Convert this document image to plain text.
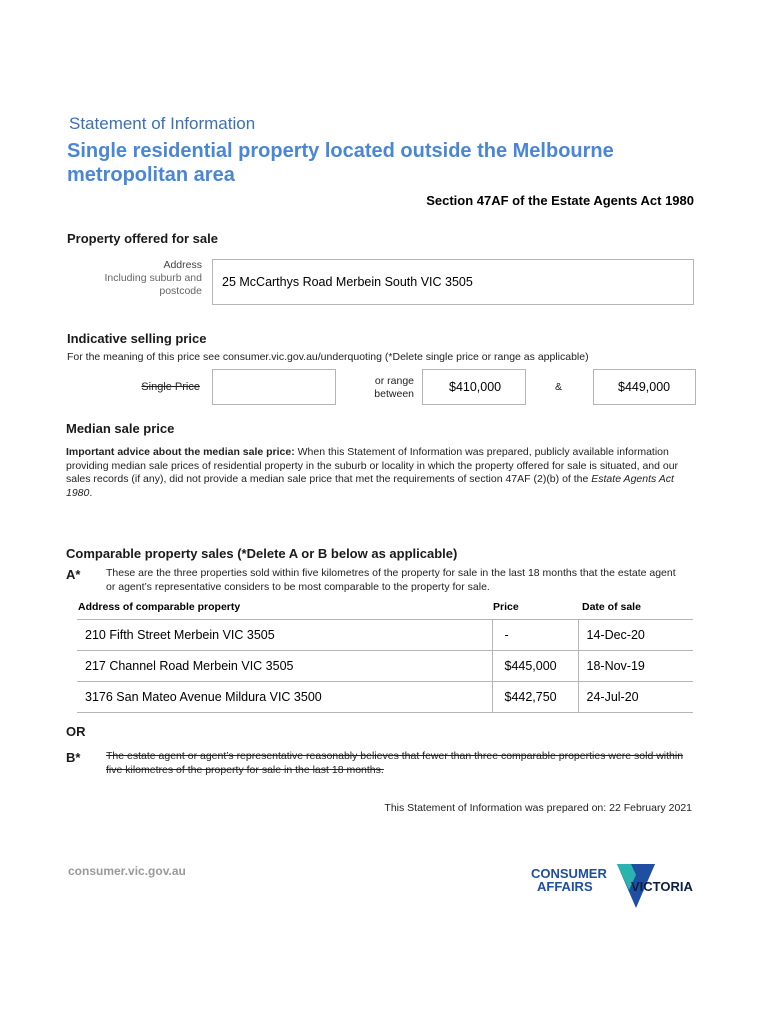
Statement of Information
Single residential property located outside the Melbourne metropolitan area
Section 47AF of the Estate Agents Act 1980
Property offered for sale
Address
Including suburb and
postcode
25 McCarthys Road Merbein South VIC 3505
Indicative selling price
For the meaning of this price see consumer.vic.gov.au/underquoting (*Delete single price or range as applicable)
Single Price	or range
between	$410,000	&	$449,000
Median sale price
Important advice about the median sale price: When this Statement of Information was prepared, publicly available information providing median sale prices of residential property in the suburb or locality in which the property offered for sale is situated, and our sales records (if any), did not provide a median sale price that met the requirements of section 47AF (2)(b) of the Estate Agents Act 1980.
Comparable property sales (*Delete A or B below as applicable)
A* These are the three properties sold within five kilometres of the property for sale in the last 18 months that the estate agent or agent’s representative considers to be most comparable to the property for sale.
Address of comparable property	Price	Date of sale
210 Fifth Street Merbein VIC 3505	-	14-Dec-20
217 Channel Road Merbein VIC 3505	$445,000	18-Nov-19
3176 San Mateo Avenue Mildura VIC 3500	$442,750	24-Jul-20
OR
B* The estate agent or agent’s representative reasonably believes that fewer than three comparable properties were sold within five kilometres of the property for sale in the last 18 months.
This Statement of Information was prepared on: 22 February 2021
consumer.vic.gov.au	CONSUMER
AFFAIRS	VICTORIA
